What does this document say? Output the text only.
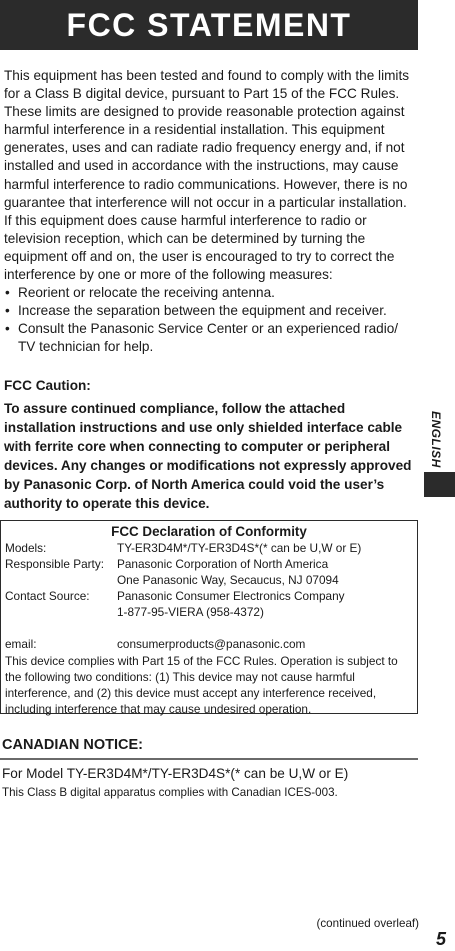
FCC STATEMENT

This equipment has been tested and found to comply with the limits for a Class B digital device, pursuant to Part 15 of the FCC Rules. These limits are designed to provide reasonable protection against harmful interference in a residential installation. This equipment generates, uses and can radiate radio frequency energy and, if not installed and used in accordance with the instructions, may cause harmful interference to radio communications. However, there is no guarantee that interference will not occur in a particular installation. If this equipment does cause harmful interference to radio or television reception, which can be determined by turning the equipment off and on, the user is encouraged to try to correct the interference by one or more of the following measures:

• Reorient or relocate the receiving antenna.
• Increase the separation between the equipment and receiver.
• Consult the Panasonic Service Center or an experienced radio/ TV technician for help.
FCC Caution:
To assure continued compliance, follow the attached installation instructions and use only shielded interface cable with ferrite core when connecting to computer or peripheral devices. Any changes or modifications not expressly approved by Panasonic Corp. of North America could void the user’s authority to operate this device.
ENGLISH
FCC Declaration of Conformity
Models:	TY-ER3D4M*/TY-ER3D4S*(* can be U,W or E)
Responsible Party:	Panasonic Corporation of North America
One Panasonic Way, Secaucus, NJ 07094
Contact Source:	Panasonic Consumer Electronics Company
1-877-95-VIERA (958-4372)
email:	consumerproducts@panasonic.com
This device complies with Part 15 of the FCC Rules. Operation is subject to the following two conditions: (1) This device may not cause harmful interference, and (2) this device must accept any interference received, including interference that may cause undesired operation.
CANADIAN NOTICE:
For Model TY-ER3D4M*/TY-ER3D4S*(* can be U,W or E)
This Class B digital apparatus complies with Canadian ICES-003.
(continued overleaf)
5
